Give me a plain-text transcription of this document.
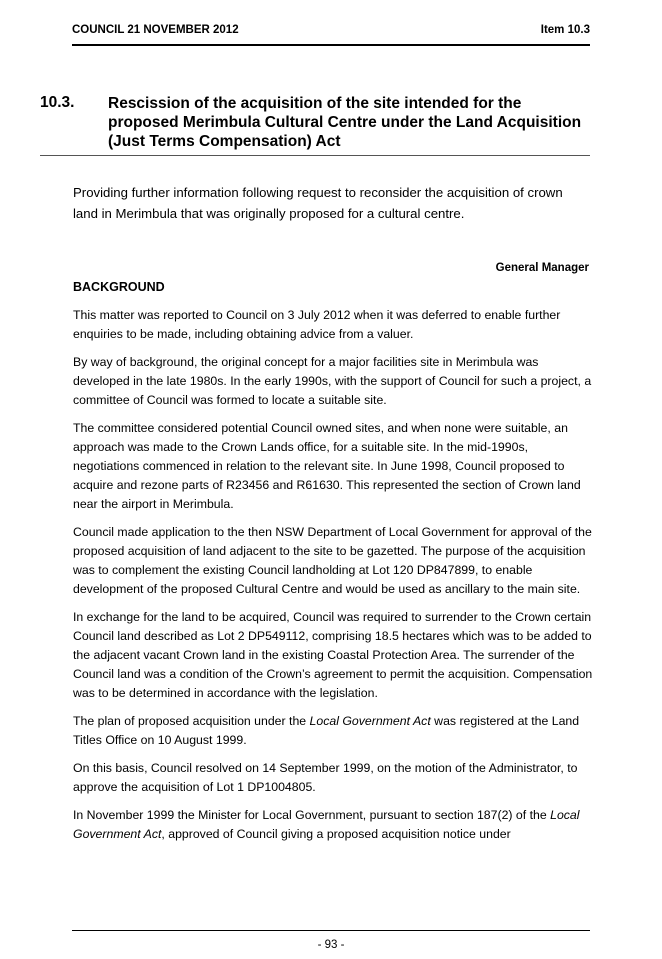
COUNCIL 21 NOVEMBER 2012	Item 10.3
10.3. Rescission of the acquisition of the site intended for the proposed Merimbula Cultural Centre under the Land Acquisition (Just Terms Compensation) Act
Providing further information following request to reconsider the acquisition of crown land in Merimbula that was originally proposed for a cultural centre.
General Manager
BACKGROUND

This matter was reported to Council on 3 July 2012 when it was deferred to enable further enquiries to be made, including obtaining advice from a valuer.

By way of background, the original concept for a major facilities site in Merimbula was developed in the late 1980s. In the early 1990s, with the support of Council for such a project, a committee of Council was formed to locate a suitable site.

The committee considered potential Council owned sites, and when none were suitable, an approach was made to the Crown Lands office, for a suitable site. In the mid-1990s, negotiations commenced in relation to the relevant site. In June 1998, Council proposed to acquire and rezone parts of R23456 and R61630. This represented the section of Crown land near the airport in Merimbula.

Council made application to the then NSW Department of Local Government for approval of the proposed acquisition of land adjacent to the site to be gazetted. The purpose of the acquisition was to complement the existing Council landholding at Lot 120 DP847899, to enable development of the proposed Cultural Centre and would be used as ancillary to the main site.

In exchange for the land to be acquired, Council was required to surrender to the Crown certain Council land described as Lot 2 DP549112, comprising 18.5 hectares which was to be added to the adjacent vacant Crown land in the existing Coastal Protection Area. The surrender of the Council land was a condition of the Crown’s agreement to permit the acquisition. Compensation was to be determined in accordance with the legislation.

The plan of proposed acquisition under the Local Government Act was registered at the Land Titles Office on 10 August 1999.

On this basis, Council resolved on 14 September 1999, on the motion of the Administrator, to approve the acquisition of Lot 1 DP1004805.

In November 1999 the Minister for Local Government, pursuant to section 187(2) of the Local Government Act, approved of Council giving a proposed acquisition notice under

- 93 -
